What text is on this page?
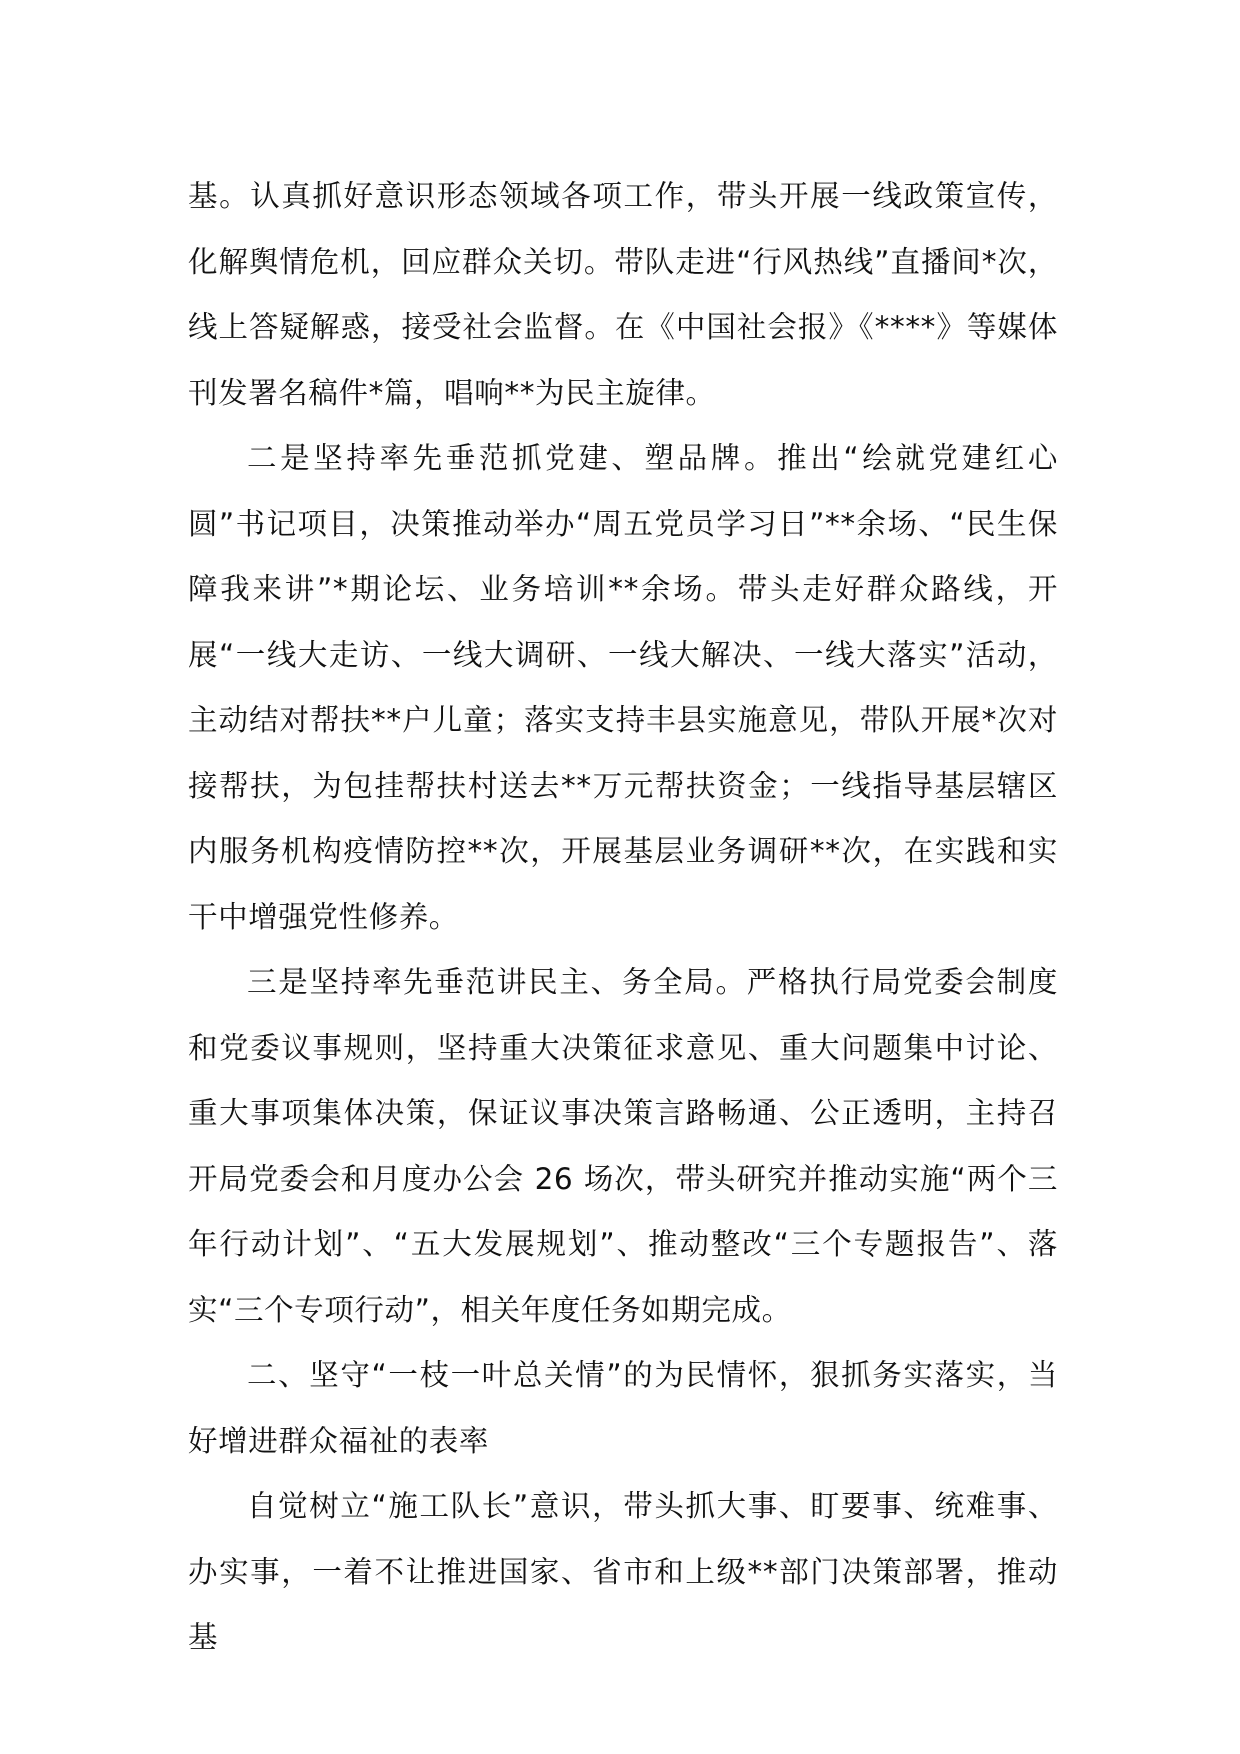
基。认真抓好意识形态领域各项工作，带头开展一线政策宣传，化解舆情危机，回应群众关切。带队走进“行风热线”直播间*次，线上答疑解惑，接受社会监督。在《中国社会报》《****》等媒体刊发署名稿件*篇，唱响**为民主旋律。

二是坚持率先垂范抓党建、塑品牌。推出“绘就党建红心圆”书记项目，决策推动举办“周五党员学习日”**余场、“民生保障我来讲”*期论坛、业务培训**余场。带头走好群众路线，开展“一线大走访、一线大调研、一线大解决、一线大落实”活动，主动结对帮扶**户儿童；落实支持丰县实施意见，带队开展*次对接帮扶，为包挂帮扶村送去**万元帮扶资金；一线指导基层辖区内服务机构疫情防控**次，开展基层业务调研**次，在实践和实干中增强党性修养。

三是坚持率先垂范讲民主、务全局。严格执行局党委会制度和党委议事规则，坚持重大决策征求意见、重大问题集中讨论、重大事项集体决策，保证议事决策言路畅通、公正透明，主持召开局党委会和月度办公会 26 场次，带头研究并推动实施“两个三年行动计划”、“五大发展规划”、推动整改“三个专题报告”、落实“三个专项行动”，相关年度任务如期完成。

二、坚守“一枝一叶总关情”的为民情怀，狠抓务实落实，当好增进群众福祉的表率

自觉树立“施工队长”意识，带头抓大事、盯要事、统难事、办实事，一着不让推进国家、省市和上级**部门决策部署，推动基
